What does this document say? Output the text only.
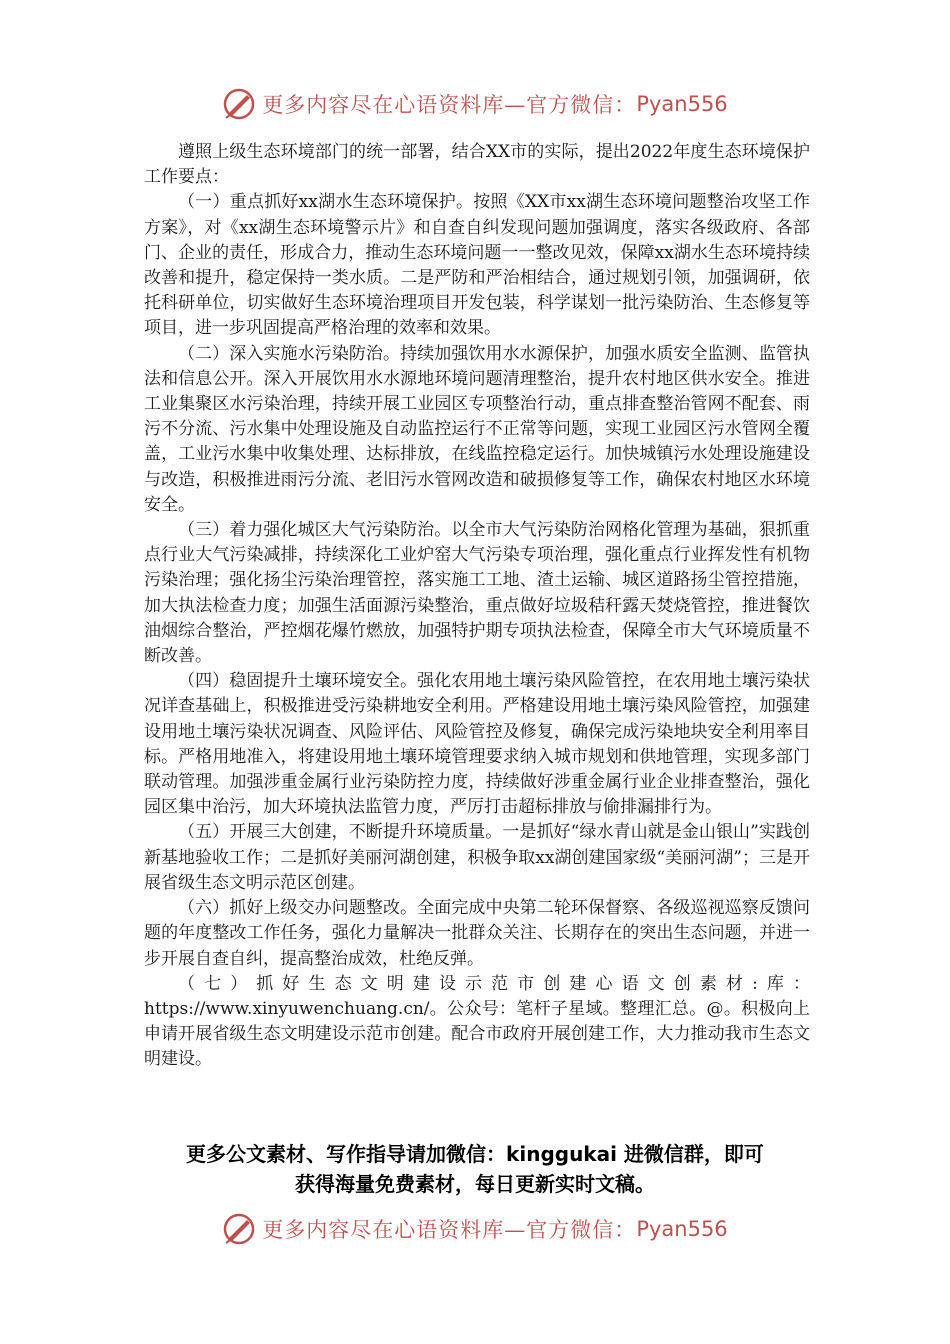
更多内容尽在心语资料库—官方微信： Pyan556

遵照上级生态环境部门的统一部署，结合XX市的实际，提出2022年度生态环境保护工作要点：

（一）重点抓好xx湖水生态环境保护。按照《XX市xx湖生态环境问题整治攻坚工作方案》，对《xx湖生态环境警示片》和自查自纠发现问题加强调度，落实各级政府、各部门、企业的责任，形成合力，推动生态环境问题一一整改见效，保障xx湖水生态环境持续改善和提升，稳定保持一类水质。二是严防和严治相结合，通过规划引领，加强调研，依托科研单位，切实做好生态环境治理项目开发包装，科学谋划一批污染防治、生态修复等项目，进一步巩固提高严格治理的效率和效果。

（二）深入实施水污染防治。持续加强饮用水水源保护，加强水质安全监测、监管执法和信息公开。深入开展饮用水水源地环境问题清理整治，提升农村地区供水安全。推进工业集聚区水污染治理，持续开展工业园区专项整治行动，重点排查整治管网不配套、雨污不分流、污水集中处理设施及自动监控运行不正常等问题，实现工业园区污水管网全覆盖，工业污水集中收集处理、达标排放，在线监控稳定运行。加快城镇污水处理设施建设与改造，积极推进雨污分流、老旧污水管网改造和破损修复等工作，确保农村地区水环境安全。

（三）着力强化城区大气污染防治。以全市大气污染防治网格化管理为基础，狠抓重点行业大气污染减排，持续深化工业炉窑大气污染专项治理，强化重点行业挥发性有机物污染治理；强化扬尘污染治理管控，落实施工工地、渣土运输、城区道路扬尘管控措施，加大执法检查力度；加强生活面源污染整治，重点做好垃圾秸秆露天焚烧管控，推进餐饮油烟综合整治，严控烟花爆竹燃放，加强特护期专项执法检查，保障全市大气环境质量不断改善。

（四）稳固提升土壤环境安全。强化农用地土壤污染风险管控，在农用地土壤污染状况详查基础上，积极推进受污染耕地安全利用。严格建设用地土壤污染风险管控，加强建设用地土壤污染状况调查、风险评估、风险管控及修复，确保完成污染地块安全利用率目标。严格用地准入，将建设用地土壤环境管理要求纳入城市规划和供地管理，实现多部门联动管理。加强涉重金属行业污染防控力度，持续做好涉重金属行业企业排查整治，强化园区集中治污，加大环境执法监管力度，严厉打击超标排放与偷排漏排行为。

（五）开展三大创建，不断提升环境质量。一是抓好“绿水青山就是金山银山”实践创新基地验收工作；二是抓好美丽河湖创建，积极争取xx湖创建国家级“美丽河湖”；三是开展省级生态文明示范区创建。

（六）抓好上级交办问题整改。全面完成中央第二轮环保督察、各级巡视巡察反馈问题的年度整改工作任务，强化力量解决一批群众关注、长期存在的突出生态问题，并进一步开展自查自纠，提高整治成效，杜绝反弹。

（七）抓好生态文明建设示范市创建心语文创素材:库：https://www.xinyuwenchuang.cn/。公众号：笔杆子星域。整理汇总。@。积极向上申请开展省级生态文明建设示范市创建。配合市政府开展创建工作，大力推动我市生态文明建设。

更多公文素材、写作指导请加微信：kinggukai 进微信群，即可
获得海量免费素材，每日更新实时文稿。
更多内容尽在心语资料库—官方微信： Pyan556
